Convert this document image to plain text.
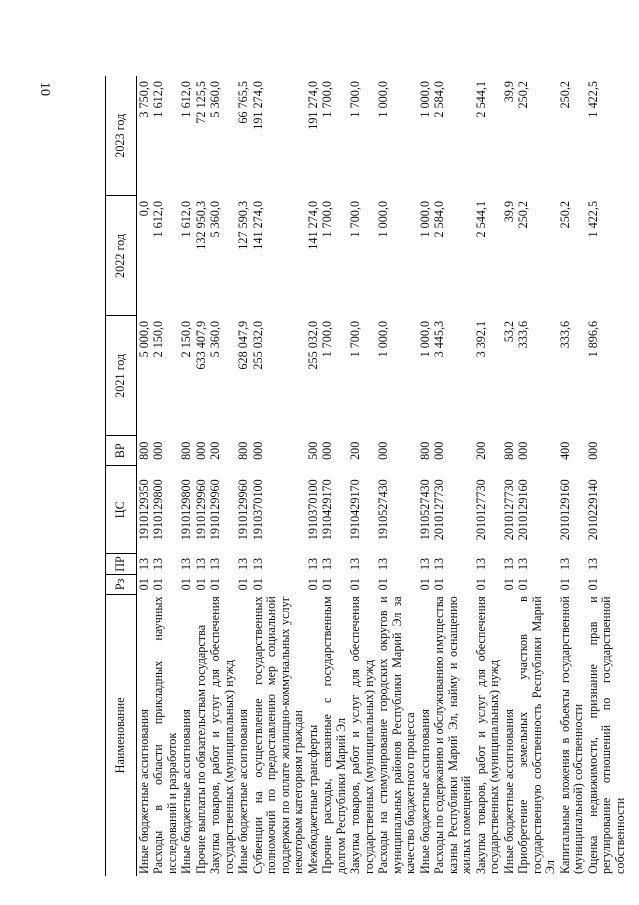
10
Наименование	Рз	ПР	ЦС	ВР	2021 год	2022 год	2023 год
Иные бюджетные ассигнования	01	13	1910129350	800	5 000,0	0,0	3 750,0
Расходы в области прикладных научных исследований и разработок	01	13	1910129800	000	2 150,0	1 612,0	1 612,0
Иные бюджетные ассигнования	01	13	1910129800	800	2 150,0	1 612,0	1 612,0
Прочие выплаты по обязательствам государства	01	13	1910129960	000	633 407,9	132 950,3	72 125,5
Закупка товаров, работ и услуг для обеспечения государственных (муниципальных) нужд	01	13	1910129960	200	5 360,0	5 360,0	5 360,0
Иные бюджетные ассигнования	01	13	1910129960	800	628 047,9	127 590,3	66 765,5
Субвенции на осуществление государственных полномочий по предоставлению мер социальной поддержки по оплате жилищно-коммунальных услуг некоторым категориям граждан	01	13	1910370100	000	255 032,0	141 274,0	191 274,0
Межбюджетные трансферты	01	13	1910370100	500	255 032,0	141 274,0	191 274,0
Прочие расходы, связанные с государственным долгом Республики Марий Эл	01	13	1910429170	000	1 700,0	1 700,0	1 700,0
Закупка товаров, работ и услуг для обеспечения государственных (муниципальных) нужд	01	13	1910429170	200	1 700,0	1 700,0	1 700,0
Расходы на стимулирование городских округов и муниципальных районов Республики Марий Эл за качество бюджетного процесса	01	13	1910527430	000	1 000,0	1 000,0	1 000,0
Иные бюджетные ассигнования	01	13	1910527430	800	1 000,0	1 000,0	1 000,0
Расходы по содержанию и обслуживанию имущества казны Республики Марий Эл, найму и оснащению жилых помещений	01	13	2010127730	000	3 445,3	2 584,0	2 584,0
Закупка товаров, работ и услуг для обеспечения государственных (муниципальных) нужд	01	13	2010127730	200	3 392,1	2 544,1	2 544,1
Иные бюджетные ассигнования	01	13	2010127730	800	53,2	39,9	39,9
Приобретение земельных участков в государственную собственность Республики Марий Эл	01	13	2010129160	000	333,6	250,2	250,2
Капитальные вложения в объекты государственной (муниципальной) собственности	01	13	2010129160	400	333,6	250,2	250,2
Оценка недвижимости, признание прав и регулирование отношений по государственной собственности	01	13	2010229140	000	1 896,6	1 422,5	1 422,5
